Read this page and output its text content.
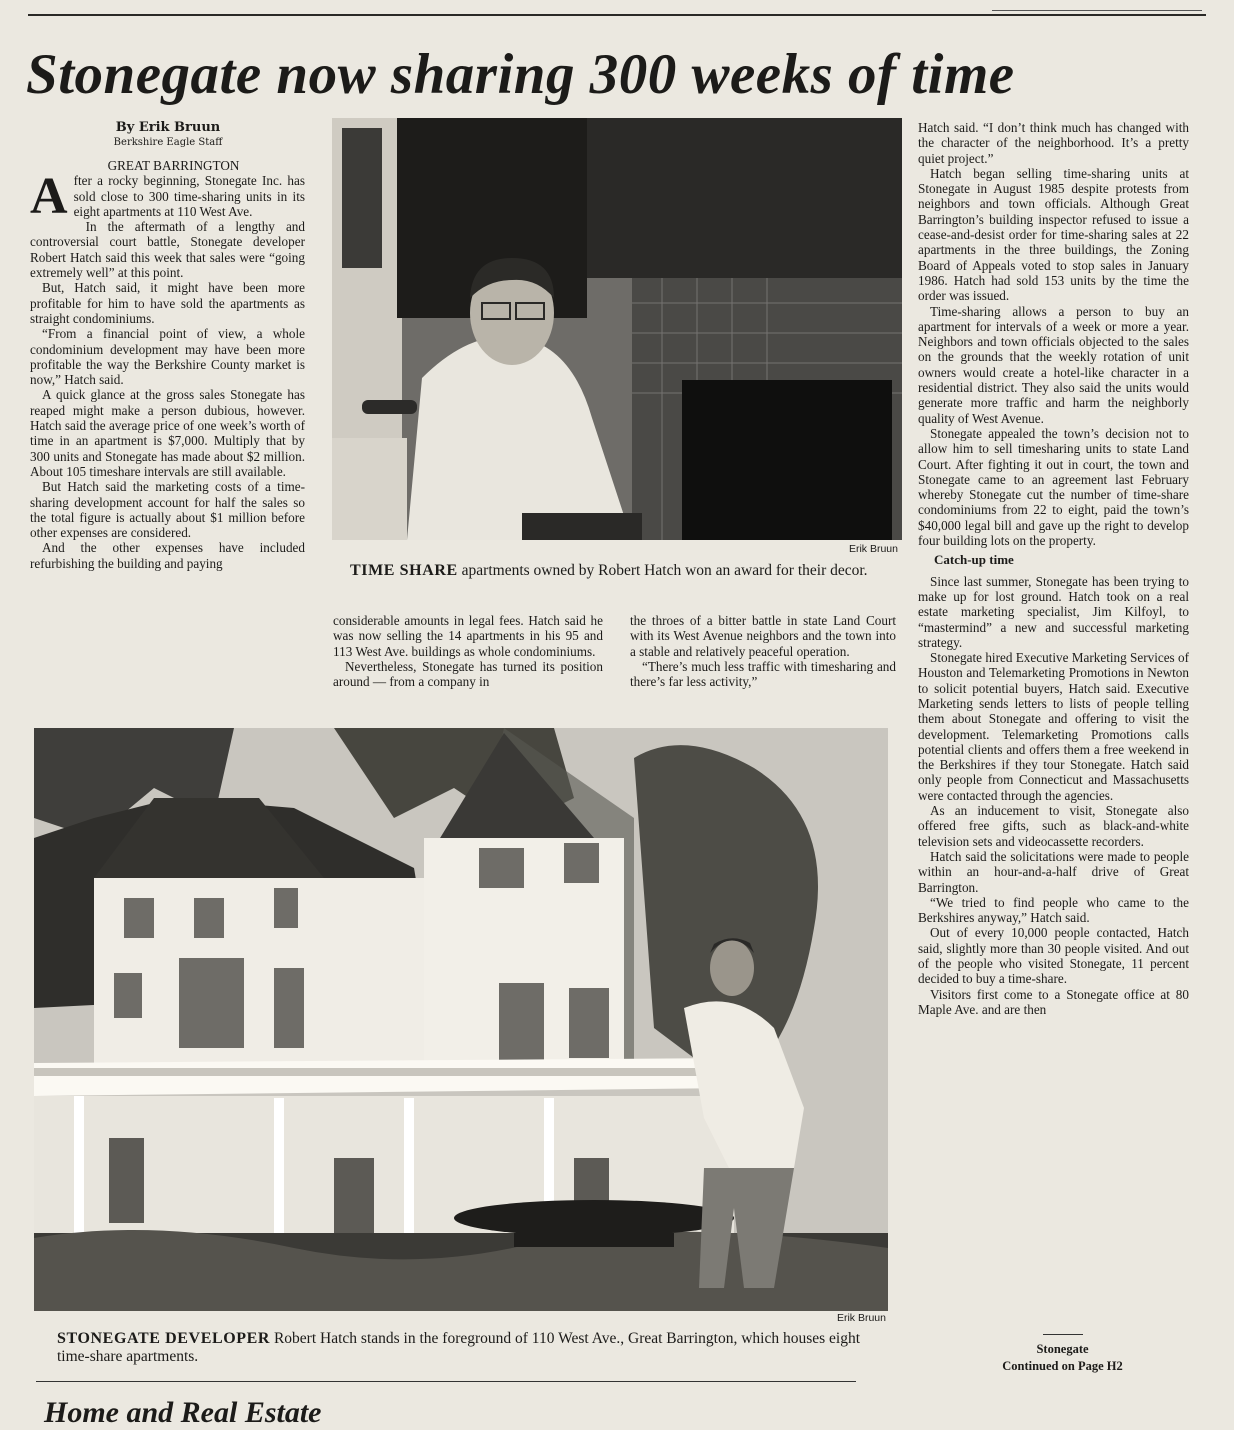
Stonegate now sharing 300 weeks of time

By Erik Bruun

Berkshire Eagle Staff

GREAT BARRINGTON

After a rocky beginning, Stonegate Inc. has sold close to 300 time-sharing units in its eight apartments at 110 West Ave.

In the aftermath of a lengthy and controversial court battle, Stonegate developer Robert Hatch said this week that sales were “going extremely well” at this point.

But, Hatch said, it might have been more profitable for him to have sold the apartments as straight condominiums.

“From a financial point of view, a whole condominium development may have been more profitable the way the Berkshire County market is now,” Hatch said.

A quick glance at the gross sales Stonegate has reaped might make a person dubious, however. Hatch said the average price of one week’s worth of time in an apartment is $7,000. Multiply that by 300 units and Stonegate has made about $2 million. About 105 timeshare intervals are still available.

But Hatch said the marketing costs of a time-sharing development account for half the sales so the total figure is actually about $1 million before other expenses are considered.

And the other expenses have included refurbishing the building and paying

Erik Bruun
TIME SHARE apartments owned by Robert Hatch won an award for their decor.

considerable amounts in legal fees. Hatch said he was now selling the 14 apartments in his 95 and 113 West Ave. buildings as whole condominiums.

Nevertheless, Stonegate has turned its position around — from a company in

the throes of a bitter battle in state Land Court with its West Avenue neighbors and the town into a stable and relatively peaceful operation.

“There’s much less traffic with timesharing and there’s far less activity,”

Hatch said. “I don’t think much has changed with the character of the neighborhood. It’s a pretty quiet project.”

Hatch began selling time-sharing units at Stonegate in August 1985 despite protests from neighbors and town officials. Although Great Barrington’s building inspector refused to issue a cease-and-desist order for time-sharing sales at 22 apartments in the three buildings, the Zoning Board of Appeals voted to stop sales in January 1986. Hatch had sold 153 units by the time the order was issued.

Time-sharing allows a person to buy an apartment for intervals of a week or more a year. Neighbors and town officials objected to the sales on the grounds that the weekly rotation of unit owners would create a hotel-like character in a residential district. They also said the units would generate more traffic and harm the neighborly quality of West Avenue.

Stonegate appealed the town’s decision not to allow him to sell timesharing units to state Land Court. After fighting it out in court, the town and Stonegate came to an agreement last February whereby Stonegate cut the number of time-share condominiums from 22 to eight, paid the town’s $40,000 legal bill and gave up the right to develop four building lots on the property.

Catch-up time

Since last summer, Stonegate has been trying to make up for lost ground. Hatch took on a real estate marketing specialist, Jim Kilfoyl, to “mastermind” a new and successful marketing strategy.

Stonegate hired Executive Marketing Services of Houston and Telemarketing Promotions in Newton to solicit potential buyers, Hatch said. Executive Marketing sends letters to lists of people telling them about Stonegate and offering to visit the development. Telemarketing Promotions calls potential clients and offers them a free weekend in the Berkshires if they tour Stonegate. Hatch said only people from Connecticut and Massachusetts were contacted through the agencies.

As an inducement to visit, Stonegate also offered free gifts, such as black-and-white television sets and videocassette recorders.

Hatch said the solicitations were made to people within an hour-and-a-half drive of Great Barrington.

“We tried to find people who came to the Berkshires anyway,” Hatch said.

Out of every 10,000 people contacted, Hatch said, slightly more than 30 people visited. And out of the people who visited Stonegate, 11 percent decided to buy a time-share.

Visitors first come to a Stonegate office at 80 Maple Ave. and are then

Erik Bruun
STONEGATE DEVELOPER Robert Hatch stands in the foreground of 110 West Ave., Great Barrington, which houses eight time-share apartments.	Stonegate
Continued on Page H2
Home and Real Estate
